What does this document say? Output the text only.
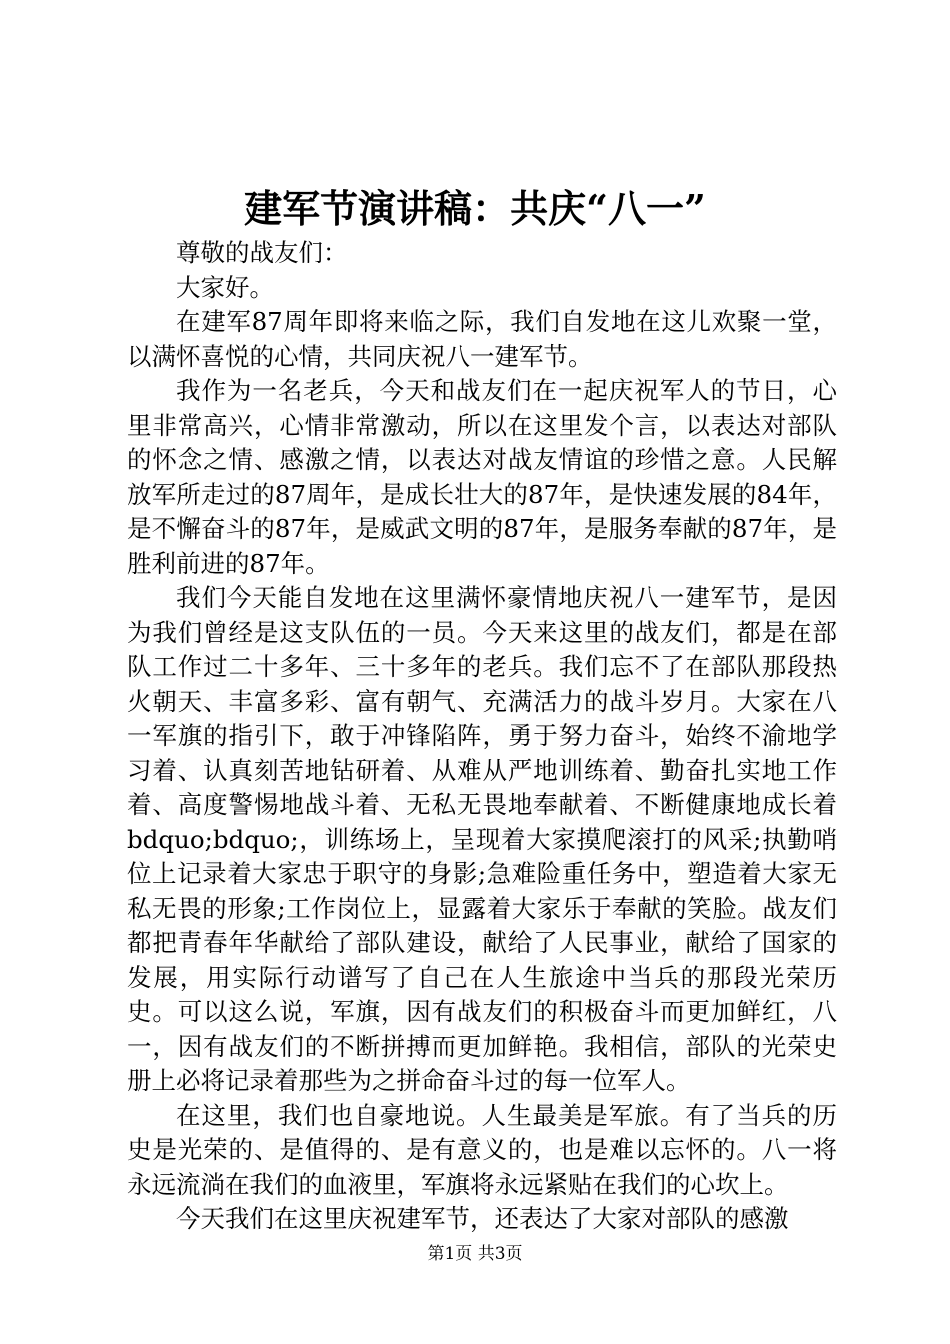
建军节演讲稿：共庆“八一”

尊敬的战友们：

大家好。

在建军87周年即将来临之际，我们自发地在这儿欢聚一堂，以满怀喜悦的心情，共同庆祝八一建军节。

我作为一名老兵，今天和战友们在一起庆祝军人的节日，心里非常高兴，心情非常激动，所以在这里发个言，以表达对部队的怀念之情、感激之情，以表达对战友情谊的珍惜之意。人民解放军所走过的87周年，是成长壮大的87年，是快速发展的84年，是不懈奋斗的87年，是威武文明的87年，是服务奉献的87年，是胜利前进的87年。

我们今天能自发地在这里满怀豪情地庆祝八一建军节，是因为我们曾经是这支队伍的一员。今天来这里的战友们，都是在部队工作过二十多年、三十多年的老兵。我们忘不了在部队那段热火朝天、丰富多彩、富有朝气、充满活力的战斗岁月。大家在八一军旗的指引下，敢于冲锋陷阵，勇于努力奋斗，始终不渝地学习着、认真刻苦地钻研着、从难从严地训练着、勤奋扎实地工作着、高度警惕地战斗着、无私无畏地奉献着、不断健康地成长着bdquo;bdquo;，训练场上，呈现着大家摸爬滚打的风采;执勤哨位上记录着大家忠于职守的身影;急难险重任务中，塑造着大家无私无畏的形象;工作岗位上，显露着大家乐于奉献的笑脸。战友们都把青春年华献给了部队建设，献给了人民事业，献给了国家的发展，用实际行动谱写了自己在人生旅途中当兵的那段光荣历史。可以这么说，军旗，因有战友们的积极奋斗而更加鲜红，八一，因有战友们的不断拼搏而更加鲜艳。我相信，部队的光荣史册上必将记录着那些为之拼命奋斗过的每一位军人。

在这里，我们也自豪地说。人生最美是军旅。有了当兵的历史是光荣的、是值得的、是有意义的，也是难以忘怀的。八一将永远流淌在我们的血液里，军旗将永远紧贴在我们的心坎上。

今天我们在这里庆祝建军节，还表达了大家对部队的感激

第1页 共3页
